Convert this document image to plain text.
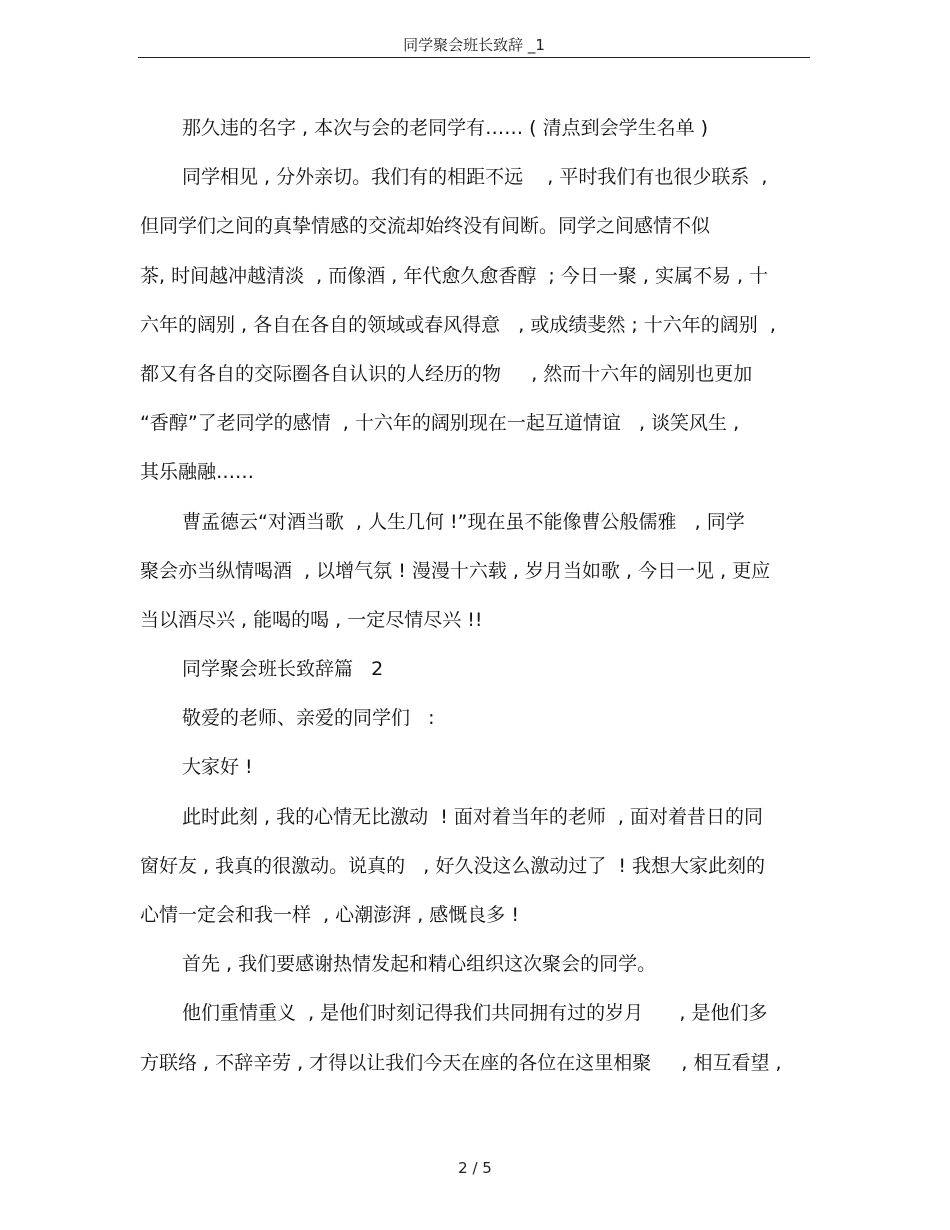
同学聚会班长致辞 _1
那久违的名字 , 本次与会的老同学有…… ( 清点到会学生名单 )
同学相见 , 分外亲切。我们有的相距不远    , 平时我们有也很少联系  ,
但同学们之间的真挚情感的交流却始终没有间断。同学之间感情不似
茶, 时间越冲越清淡  , 而像酒 , 年代愈久愈香醇  ; 今日一聚 , 实属不易 , 十
六年的阔别 , 各自在各自的领域或春风得意   , 或成绩斐然 ; 十六年的阔别  ,
都又有各自的交际圈各自认识的人经历的物     , 然而十六年的阔别也更加
“香醇”了老同学的感情  , 十六年的阔别现在一起互道情谊   , 谈笑风生 ,
其乐融融……
曹孟德云“对酒当歌  , 人生几何 !”现在虽不能像曹公般儒雅   , 同学
聚会亦当纵情喝酒  , 以增气氛 ! 漫漫十六载 , 岁月当如歌 , 今日一见 , 更应
当以酒尽兴 , 能喝的喝 , 一定尽情尽兴 !!
同学聚会班长致辞篇   2
敬爱的老师、亲爱的同学们   :
大家好 !
此时此刻 , 我的心情无比激动  ! 面对着当年的老师  , 面对着昔日的同
窗好友 , 我真的很激动。说真的   , 好久没这么激动过了  ! 我想大家此刻的
心情一定会和我一样  , 心潮澎湃 , 感慨良多 !
首先 , 我们要感谢热情发起和精心组织这次聚会的同学。
他们重情重义  , 是他们时刻记得我们共同拥有过的岁月      , 是他们多
方联络 , 不辞辛劳 , 才得以让我们今天在座的各位在这里相聚     , 相互看望 ,
2 / 5
